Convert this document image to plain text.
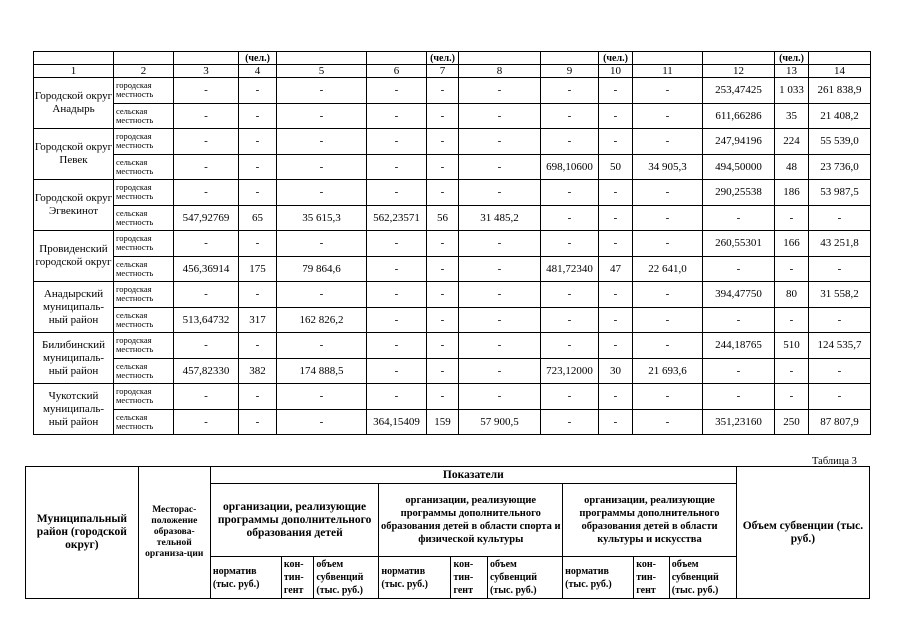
			(чел.)			(чел.)			(чел.)			(чел.)	
1	2	3	4	5	6	7	8	9	10	11	12	13	14
Городской округ Анадырь	городская местность	-	-	-	-	-	-	-	-	-	253,47425	1 033	261 838,9
	сельская местность	-	-	-	-	-	-	-	-	-	611,66286	35	21 408,2
Городской округ Певек	городская местность	-	-	-	-	-	-	-	-	-	247,94196	224	55 539,0
	сельская местность	-	-	-	-	-	-	698,10600	50	34 905,3	494,50000	48	23 736,0
Городской округ Эгвекинот	городская местность	-	-	-	-	-	-	-	-	-	290,25538	186	53 987,5
	сельская местность	547,92769	65	35 615,3	562,23571	56	31 485,2	-	-	-	-	-	-
Провиденский городской округ	городская местность	-	-	-	-	-	-	-	-	-	260,55301	166	43 251,8
	сельская местность	456,36914	175	79 864,6	-	-	-	481,72340	47	22 641,0	-	-	-
Анадырский муниципаль-ный район	городская местность	-	-	-	-	-	-	-	-	-	394,47750	80	31 558,2
	сельская местность	513,64732	317	162 826,2	-	-	-	-	-	-	-	-	-
Билибинский муниципаль-ный район	городская местность	-	-	-	-	-	-	-	-	-	244,18765	510	124 535,7
	сельская местность	457,82330	382	174 888,5	-	-	-	723,12000	30	21 693,6	-	-	-
Чукотский муниципаль-ный район	городская местность	-	-	-	-	-	-	-	-	-	-	-	-
	сельская местность	-	-	-	364,15409	159	57 900,5	-	-	-	351,23160	250	87 807,9
Таблица 3
Муниципальный район (городской округ)	Месторас-положение образова-тельной организа-ции	Показатели									Объем субвенции (тыс. руб.)
		организации, реализующие программы дополнительного образования детей			организации, реализующие программы дополнительного образования детей в области спорта и физической культуры			организации, реализующие программы дополнительного образования детей в области культуры и искусства			
		норматив (тыс. руб.)	кон-тин-гент	объем субвенций (тыс. руб.)	норматив (тыс. руб.)	кон-тин-гент	объем субвенций (тыс. руб.)	норматив (тыс. руб.)	кон-тин-гент	объем субвенций (тыс. руб.)	
